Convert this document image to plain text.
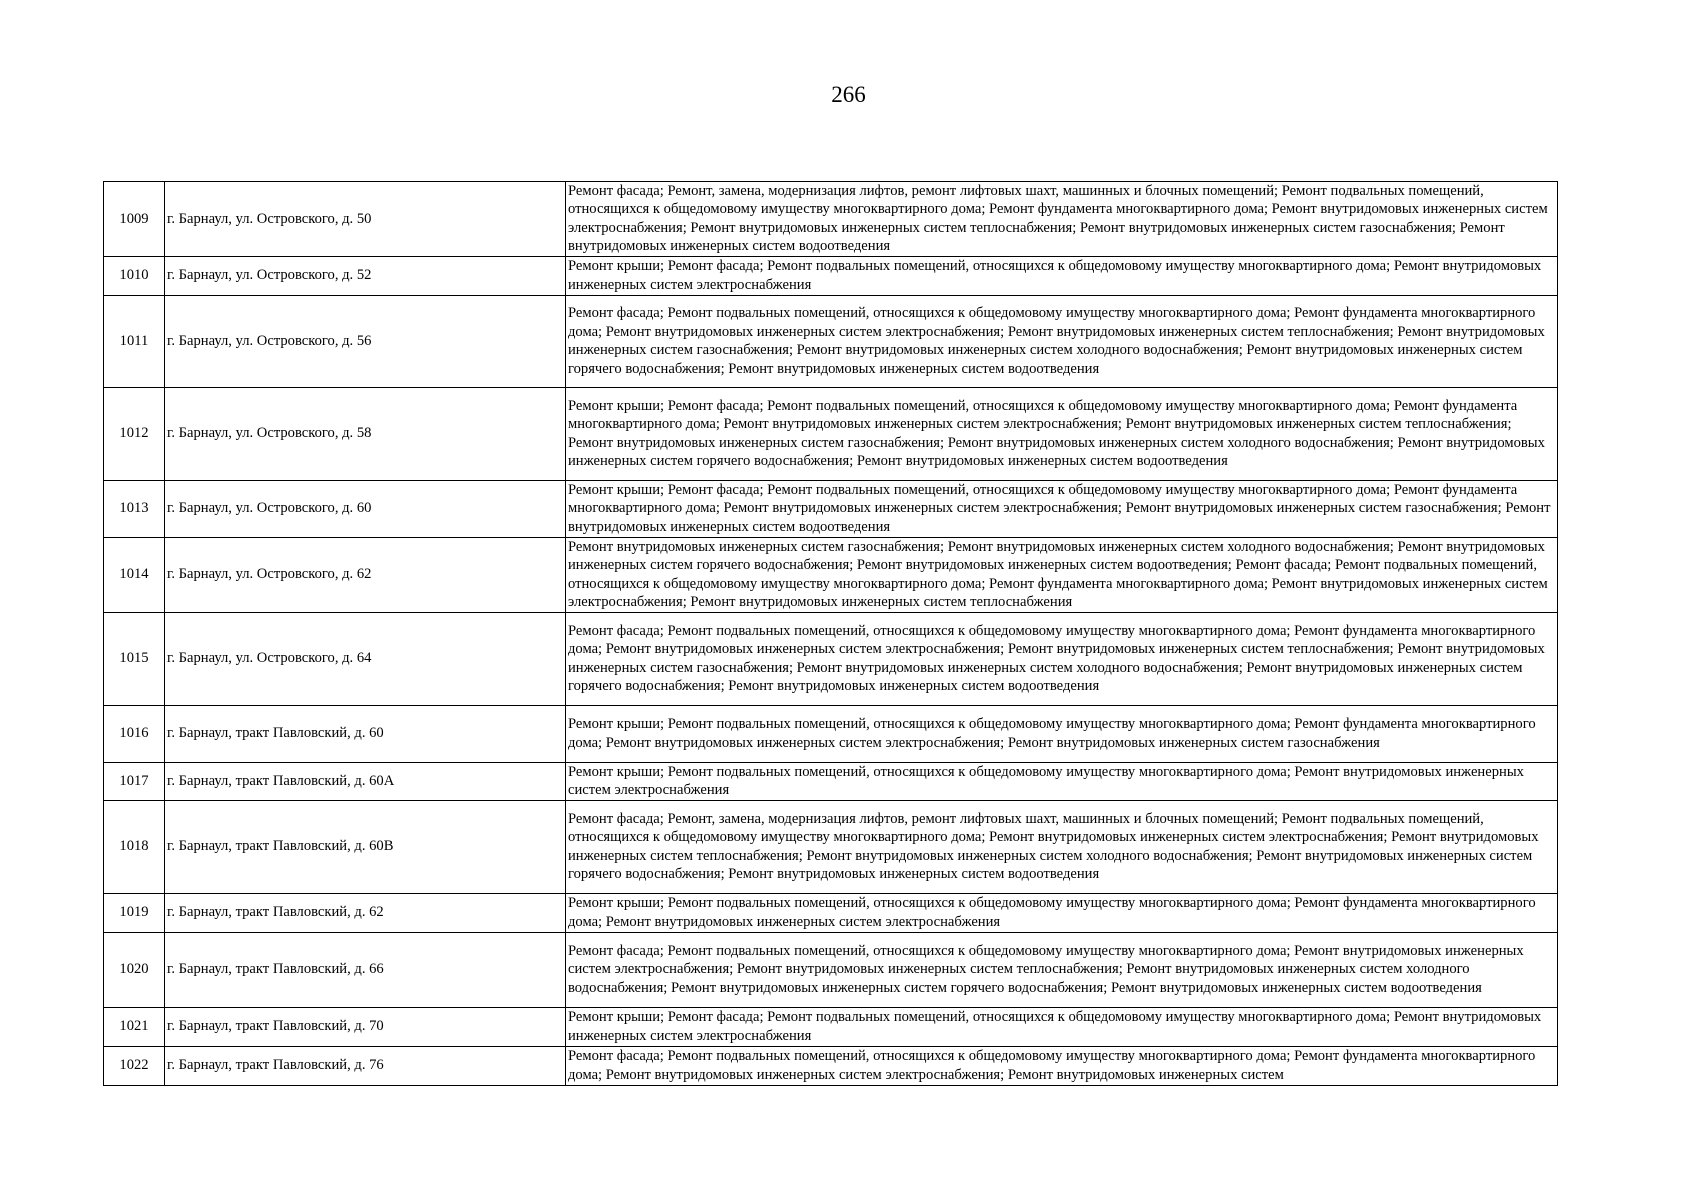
266
1009	г. Барнаул, ул. Островского, д. 50	Ремонт фасада; Ремонт, замена, модернизация лифтов, ремонт лифтовых шахт, машинных и блочных помещений; Ремонт подвальных помещений, относящихся к общедомовому имуществу многоквартирного дома; Ремонт фундамента многоквартирного дома; Ремонт внутридомовых инженерных систем электроснабжения; Ремонт внутридомовых инженерных систем теплоснабжения; Ремонт внутридомовых инженерных систем газоснабжения; Ремонт внутридомовых инженерных систем водоотведения
1010	г. Барнаул, ул. Островского, д. 52	Ремонт крыши; Ремонт фасада; Ремонт подвальных помещений, относящихся к общедомовому имуществу многоквартирного дома; Ремонт внутридомовых инженерных систем электроснабжения
1011	г. Барнаул, ул. Островского, д. 56	Ремонт фасада; Ремонт подвальных помещений, относящихся к общедомовому имуществу многоквартирного дома; Ремонт фундамента многоквартирного дома; Ремонт внутридомовых инженерных систем электроснабжения; Ремонт внутридомовых инженерных систем теплоснабжения; Ремонт внутридомовых инженерных систем газоснабжения; Ремонт внутридомовых инженерных систем холодного водоснабжения; Ремонт внутридомовых инженерных систем горячего водоснабжения; Ремонт внутридомовых инженерных систем водоотведения
1012	г. Барнаул, ул. Островского, д. 58	Ремонт крыши; Ремонт фасада; Ремонт подвальных помещений, относящихся к общедомовому имуществу многоквартирного дома; Ремонт фундамента многоквартирного дома; Ремонт внутридомовых инженерных систем электроснабжения; Ремонт внутридомовых инженерных систем теплоснабжения; Ремонт внутридомовых инженерных систем газоснабжения; Ремонт внутридомовых инженерных систем холодного водоснабжения; Ремонт внутридомовых инженерных систем горячего водоснабжения; Ремонт внутридомовых инженерных систем водоотведения
1013	г. Барнаул, ул. Островского, д. 60	Ремонт крыши; Ремонт фасада; Ремонт подвальных помещений, относящихся к общедомовому имуществу многоквартирного дома; Ремонт фундамента многоквартирного дома; Ремонт внутридомовых инженерных систем электроснабжения; Ремонт внутридомовых инженерных систем газоснабжения; Ремонт внутридомовых инженерных систем водоотведения
1014	г. Барнаул, ул. Островского, д. 62	Ремонт внутридомовых инженерных систем газоснабжения; Ремонт внутридомовых инженерных систем холодного водоснабжения; Ремонт внутридомовых инженерных систем горячего водоснабжения; Ремонт внутридомовых инженерных систем водоотведения; Ремонт фасада; Ремонт подвальных помещений, относящихся к общедомовому имуществу многоквартирного дома; Ремонт фундамента многоквартирного дома; Ремонт внутридомовых инженерных систем электроснабжения; Ремонт внутридомовых инженерных систем теплоснабжения
1015	г. Барнаул, ул. Островского, д. 64	Ремонт фасада; Ремонт подвальных помещений, относящихся к общедомовому имуществу многоквартирного дома; Ремонт фундамента многоквартирного дома; Ремонт внутридомовых инженерных систем электроснабжения; Ремонт внутридомовых инженерных систем теплоснабжения; Ремонт внутридомовых инженерных систем газоснабжения; Ремонт внутридомовых инженерных систем холодного водоснабжения; Ремонт внутридомовых инженерных систем горячего водоснабжения; Ремонт внутридомовых инженерных систем водоотведения
1016	г. Барнаул, тракт Павловский, д. 60	Ремонт крыши; Ремонт подвальных помещений, относящихся к общедомовому имуществу многоквартирного дома; Ремонт фундамента многоквартирного дома; Ремонт внутридомовых инженерных систем электроснабжения; Ремонт внутридомовых инженерных систем газоснабжения
1017	г. Барнаул, тракт Павловский, д. 60А	Ремонт крыши; Ремонт подвальных помещений, относящихся к общедомовому имуществу многоквартирного дома; Ремонт внутридомовых инженерных систем электроснабжения
1018	г. Барнаул, тракт Павловский, д. 60В	Ремонт фасада; Ремонт, замена, модернизация лифтов, ремонт лифтовых шахт, машинных и блочных помещений; Ремонт подвальных помещений, относящихся к общедомовому имуществу многоквартирного дома; Ремонт внутридомовых инженерных систем электроснабжения; Ремонт внутридомовых инженерных систем теплоснабжения; Ремонт внутридомовых инженерных систем холодного водоснабжения; Ремонт внутридомовых инженерных систем горячего водоснабжения; Ремонт внутридомовых инженерных систем водоотведения
1019	г. Барнаул, тракт Павловский, д. 62	Ремонт крыши; Ремонт подвальных помещений, относящихся к общедомовому имуществу многоквартирного дома; Ремонт фундамента многоквартирного дома; Ремонт внутридомовых инженерных систем электроснабжения
1020	г. Барнаул, тракт Павловский, д. 66	Ремонт фасада; Ремонт подвальных помещений, относящихся к общедомовому имуществу многоквартирного дома; Ремонт внутридомовых инженерных систем электроснабжения; Ремонт внутридомовых инженерных систем теплоснабжения; Ремонт внутридомовых инженерных систем холодного водоснабжения; Ремонт внутридомовых инженерных систем горячего водоснабжения; Ремонт внутридомовых инженерных систем водоотведения
1021	г. Барнаул, тракт Павловский, д. 70	Ремонт крыши; Ремонт фасада; Ремонт подвальных помещений, относящихся к общедомовому имуществу многоквартирного дома; Ремонт внутридомовых инженерных систем электроснабжения
1022	г. Барнаул, тракт Павловский, д. 76	Ремонт фасада; Ремонт подвальных помещений, относящихся к общедомовому имуществу многоквартирного дома; Ремонт фундамента многоквартирного дома; Ремонт внутридомовых инженерных систем электроснабжения; Ремонт внутридомовых инженерных систем
